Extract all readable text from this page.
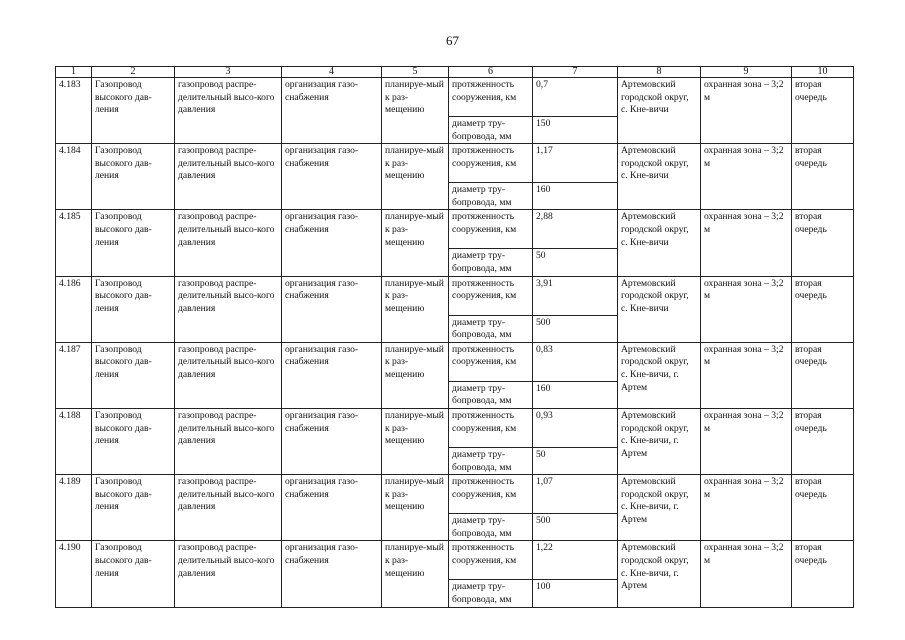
67
1	2	3	4	5	6	7	8	9	10
4.183	Газопровод высокого дав-ления	газопровод распре-делительный высо-кого давления	организация газо-снабжения	планируе-мый к раз-мещению	протяженность сооружения, км	0,7	Артемовский городской округ, с. Кне-вичи	охранная зона – 3;2 м	вторая очередь
					диаметр тру-бопровода, мм	150			
4.184	Газопровод высокого дав-ления	газопровод распре-делительный высо-кого давления	организация газо-снабжения	планируе-мый к раз-мещению	протяженность сооружения, км	1,17	Артемовский городской округ, с. Кне-вичи	охранная зона – 3;2 м	вторая очередь
					диаметр тру-бопровода, мм	160			
4.185	Газопровод высокого дав-ления	газопровод распре-делительный высо-кого давления	организация газо-снабжения	планируе-мый к раз-мещению	протяженность сооружения, км	2,88	Артемовский городской округ, с. Кне-вичи	охранная зона – 3;2 м	вторая очередь
					диаметр тру-бопровода, мм	50			
4.186	Газопровод высокого дав-ления	газопровод распре-делительный высо-кого давления	организация газо-снабжения	планируе-мый к раз-мещению	протяженность сооружения, км	3,91	Артемовский городской округ, с. Кне-вичи	охранная зона – 3;2 м	вторая очередь
					диаметр тру-бопровода, мм	500			
4.187	Газопровод высокого дав-ления	газопровод распре-делительный высо-кого давления	организация газо-снабжения	планируе-мый к раз-мещению	протяженность сооружения, км	0,83	Артемовский городской округ, с. Кне-вичи, г. Артем	охранная зона – 3;2 м	вторая очередь
					диаметр тру-бопровода, мм	160			
4.188	Газопровод высокого дав-ления	газопровод распре-делительный высо-кого давления	организация газо-снабжения	планируе-мый к раз-мещению	протяженность сооружения, км	0,93	Артемовский городской округ, с. Кне-вичи, г. Артем	охранная зона – 3;2 м	вторая очередь
					диаметр тру-бопровода, мм	50			
4.189	Газопровод высокого дав-ления	газопровод распре-делительный высо-кого давления	организация газо-снабжения	планируе-мый к раз-мещению	протяженность сооружения, км	1,07	Артемовский городской округ, с. Кне-вичи, г. Артем	охранная зона – 3;2 м	вторая очередь
					диаметр тру-бопровода, мм	500			
4.190	Газопровод высокого дав-ления	газопровод распре-делительный высо-кого давления	организация газо-снабжения	планируе-мый к раз-мещению	протяженность сооружения, км	1,22	Артемовский городской округ, с. Кне-вичи, г. Артем	охранная зона – 3;2 м	вторая очередь
					диаметр тру-бопровода, мм	100			
